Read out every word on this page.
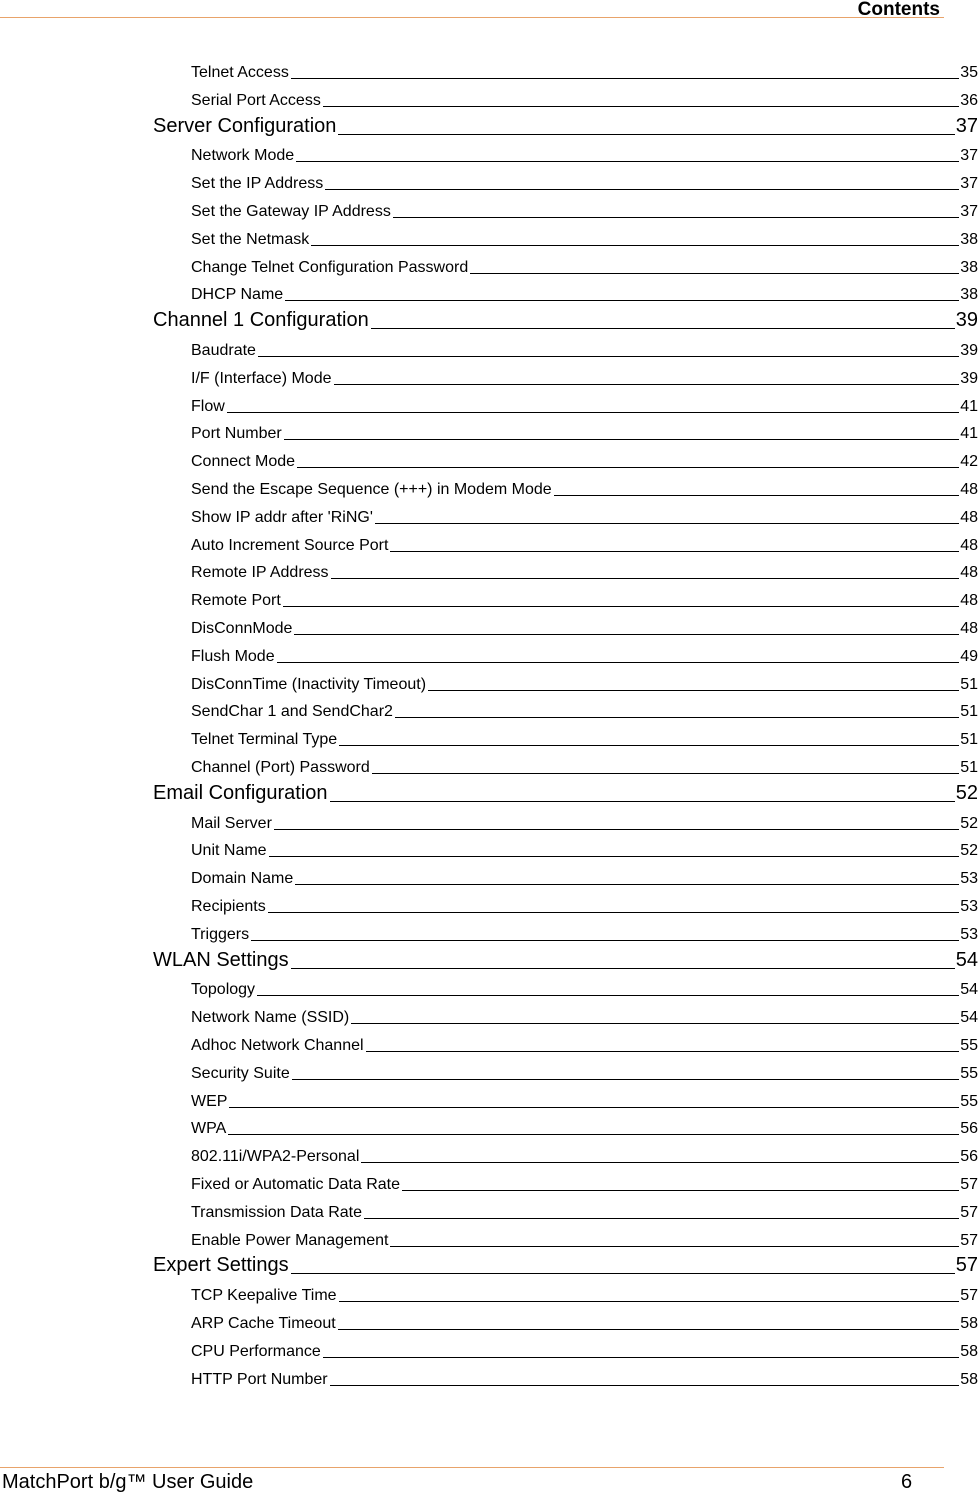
Contents
Telnet Access	35
Serial Port Access	36
Server Configuration	37
Network Mode	37
Set the IP Address	37
Set the Gateway IP Address	37
Set the Netmask	38
Change Telnet Configuration Password	38
DHCP Name	38
Channel 1 Configuration	39
Baudrate	39
I/F (Interface) Mode	39
Flow	41
Port Number	41
Connect Mode	42
Send the Escape Sequence (+++) in Modem Mode	48
Show IP addr after 'RiNG'	48
Auto Increment Source Port	48
Remote IP Address	48
Remote Port	48
DisConnMode	48
Flush Mode	49
DisConnTime (Inactivity Timeout)	51
SendChar 1 and SendChar2	51
Telnet Terminal Type	51
Channel (Port) Password	51
Email Configuration	52
Mail Server	52
Unit Name	52
Domain Name	53
Recipients	53
Triggers	53
WLAN Settings	54
Topology	54
Network Name (SSID)	54
Adhoc Network Channel	55
Security Suite	55
WEP	55
WPA	56
802.11i/WPA2-Personal	56
Fixed or Automatic Data Rate	57
Transmission Data Rate	57
Enable Power Management	57
Expert Settings	57
TCP Keepalive Time	57
ARP Cache Timeout	58
CPU Performance	58
HTTP Port Number	58
MatchPort b/g™ User Guide	6
